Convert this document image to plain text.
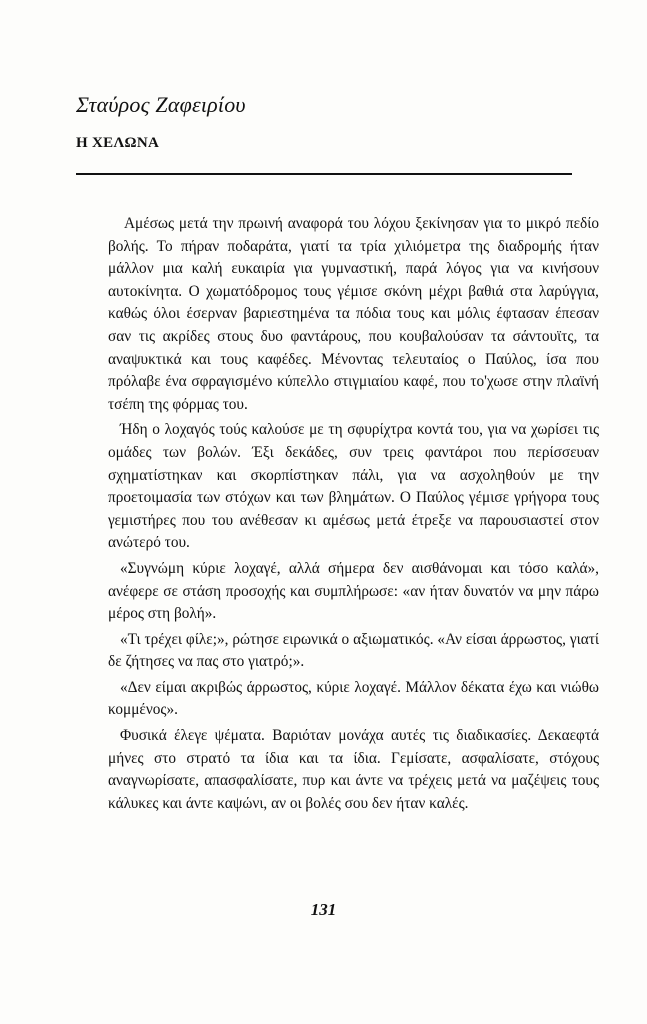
Σταύρος Ζαφειρίου
Η ΧΕΛΩΝΑ

Αμέσως μετά την πρωινή αναφορά του λόχου ξεκίνησαν για το μικρό πεδίο βολής. Το πήραν ποδαράτα, γιατί τα τρία χιλιόμετρα της διαδρομής ήταν μάλλον μια καλή ευκαιρία για γυμναστική, παρά λόγος για να κινήσουν αυτοκίνητα. Ο χωματόδρομος τους γέμισε σκόνη μέχρι βαθιά στα λαρύγγια, καθώς όλοι έσερναν βαριεστημένα τα πόδια τους και μόλις έφτασαν έπεσαν σαν τις ακρίδες στους δυο φαντάρους, που κουβαλούσαν τα σάντουϊτς, τα αναψυκτικά και τους καφέδες. Μένοντας τελευταίος ο Παύλος, ίσα που πρόλαβε ένα σφραγισμένο κύπελλο στιγμιαίου καφέ, που το'χωσε στην πλαϊνή τσέπη της φόρμας του.

Ήδη ο λοχαγός τούς καλούσε με τη σφυρίχτρα κοντά του, για να χωρίσει τις ομάδες των βολών. Έξι δεκάδες, συν τρεις φαντάροι που περίσσευαν σχηματίστηκαν και σκορπίστηκαν πάλι, για να ασχοληθούν με την προετοιμασία των στόχων και των βλημάτων. Ο Παύλος γέμισε γρήγορα τους γεμιστήρες που του ανέθεσαν κι αμέσως μετά έτρεξε να παρουσιαστεί στον ανώτερό του.

«Συγνώμη κύριε λοχαγέ, αλλά σήμερα δεν αισθάνομαι και τόσο καλά», ανέφερε σε στάση προσοχής και συμπλήρωσε: «αν ήταν δυνατόν να μην πάρω μέρος στη βολή».

«Τι τρέχει φίλε;», ρώτησε ειρωνικά ο αξιωματικός. «Αν είσαι άρρωστος, γιατί δε ζήτησες να πας στο γιατρό;».

«Δεν είμαι ακριβώς άρρωστος, κύριε λοχαγέ. Μάλλον δέκατα έχω και νιώθω κομμένος».

Φυσικά έλεγε ψέματα. Βαριόταν μονάχα αυτές τις διαδικασίες. Δεκαεφτά μήνες στο στρατό τα ίδια και τα ίδια. Γεμίσατε, ασφαλίσατε, στόχους αναγνωρίσατε, απασφαλίσατε, πυρ και άντε να τρέχεις μετά να μαζέψεις τους κάλυκες και άντε καψώνι, αν οι βολές σου δεν ήταν καλές.

131
